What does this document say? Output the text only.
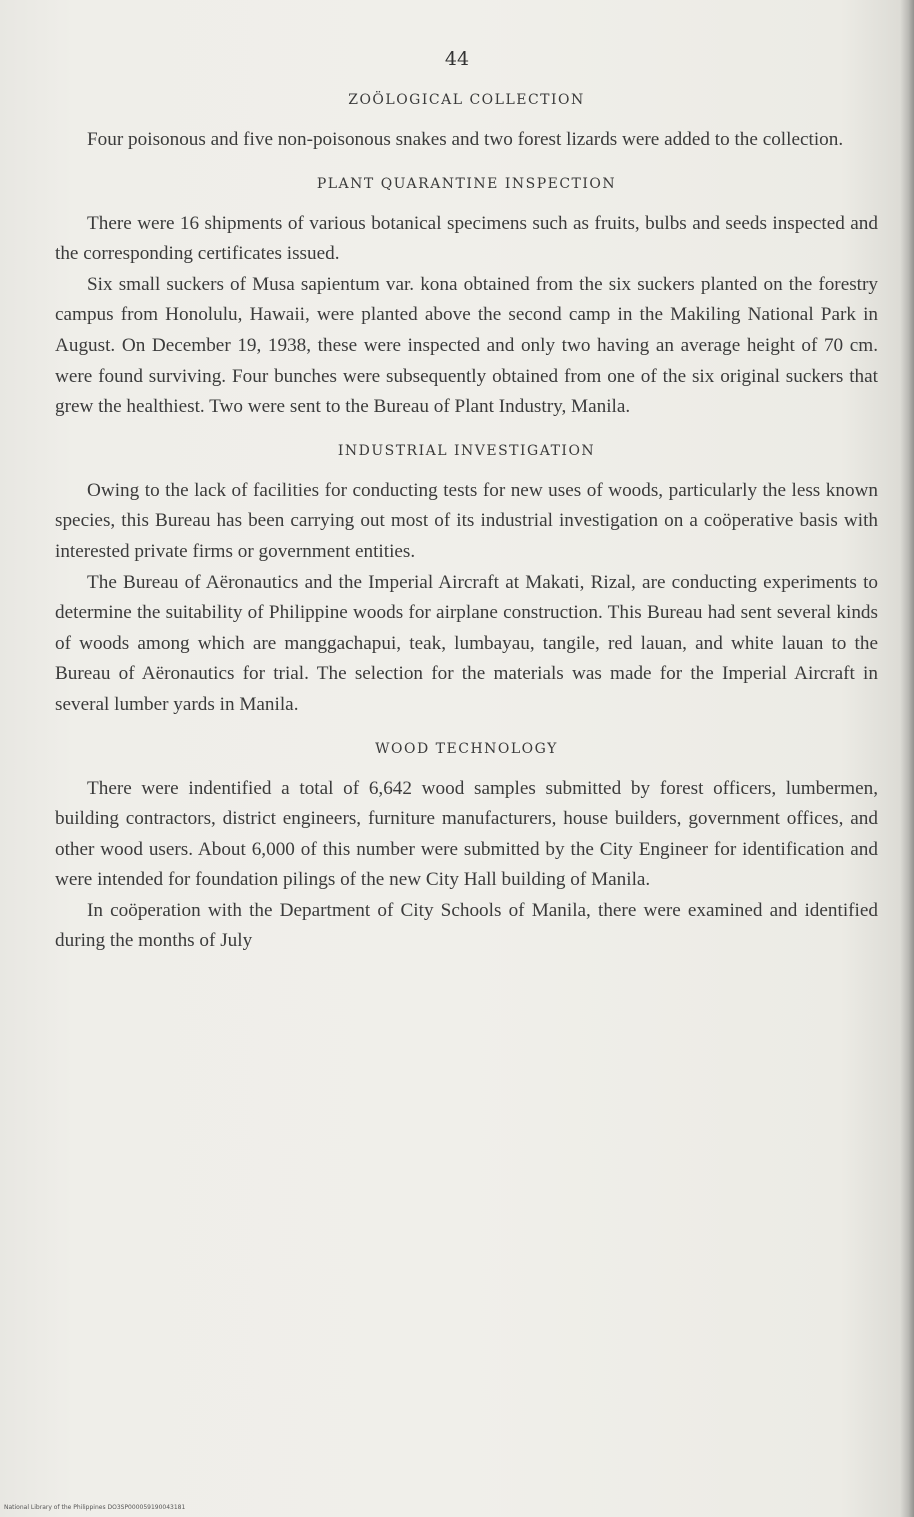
44
ZOÖLOGICAL COLLECTION

Four poisonous and five non-poisonous snakes and two forest lizards were added to the collection.

PLANT QUARANTINE INSPECTION

There were 16 shipments of various botanical specimens such as fruits, bulbs and seeds inspected and the corresponding certificates issued.

Six small suckers of Musa sapientum var. kona obtained from the six suckers planted on the forestry campus from Honolulu, Hawaii, were planted above the second camp in the Makiling National Park in August. On December 19, 1938, these were inspected and only two having an average height of 70 cm. were found surviving. Four bunches were subsequently obtained from one of the six original suckers that grew the healthiest. Two were sent to the Bureau of Plant Industry, Manila.

INDUSTRIAL INVESTIGATION

Owing to the lack of facilities for conducting tests for new uses of woods, particularly the less known species, this Bureau has been carrying out most of its industrial investigation on a coöperative basis with interested private firms or government entities.

The Bureau of Aëronautics and the Imperial Aircraft at Makati, Rizal, are conducting experiments to determine the suitability of Philippine woods for airplane construction. This Bureau had sent several kinds of woods among which are manggachapui, teak, lumbayau, tangile, red lauan, and white lauan to the Bureau of Aëronautics for trial. The selection for the materials was made for the Imperial Aircraft in several lumber yards in Manila.

WOOD TECHNOLOGY

There were indentified a total of 6,642 wood samples submitted by forest officers, lumbermen, building contractors, district engineers, furniture manufacturers, house builders, government offices, and other wood users. About 6,000 of this number were submitted by the City Engineer for identification and were intended for foundation pilings of the new City Hall building of Manila.

In coöperation with the Department of City Schools of Manila, there were examined and identified during the months of July

National Library of the Philippines DO3SP000059190043181
